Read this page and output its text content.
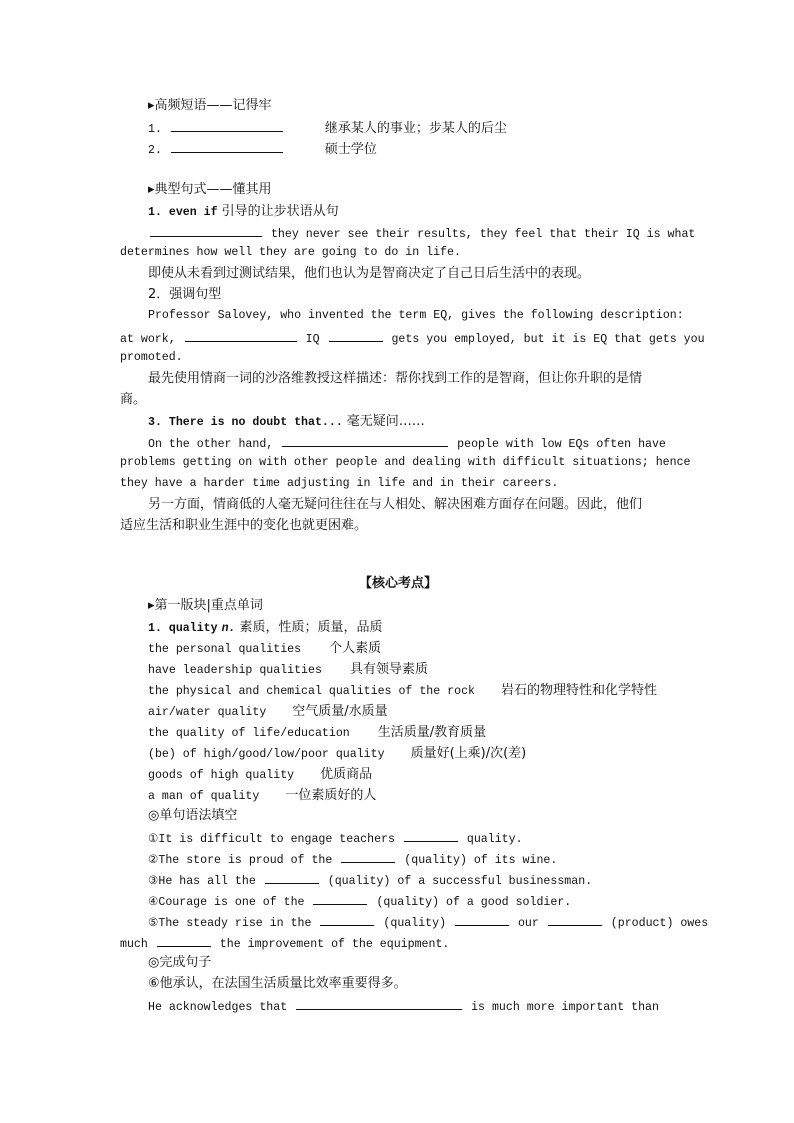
▸高频短语——记得牢
1.	继承某人的事业；步某人的后尘
2.	硕士学位
▸典型句式——懂其用
1. even if 引导的让步状语从句
they never see their results, they feel that their IQ is what
determines how well they are going to do in life.
即使从未看到过测试结果，他们也认为是智商决定了自己日后生活中的表现。
2．强调句型
Professor Salovey, who invented the term EQ, gives the following description:
at work,	IQ	gets you employed, but it is EQ that gets you
promoted.
最先使用情商一词的沙洛维教授这样描述：帮你找到工作的是智商，但让你升职的是情
商。
3. There is no doubt that... 毫无疑问……
On the other hand,	people with low EQs often have
problems getting on with other people and dealing with difficult situations; hence
they have a harder time adjusting in life and in their careers.
另一方面，情商低的人毫无疑问往往在与人相处、解决困难方面存在问题。因此，他们
适应生活和职业生涯中的变化也就更困难。
【核心考点】
▸第一版块|重点单词
1. quality n. 素质，性质；质量，品质
the personal qualities 个人素质
have leadership qualities 具有领导素质
the physical and chemical qualities of the rock 岩石的物理特性和化学特性
air/water quality 空气质量/水质量
the quality of life/education 生活质量/教育质量
(be) of high/good/low/poor quality 质量好(上乘)/次(差)
goods of high quality 优质商品
a man of quality 一位素质好的人
◎单句语法填空
①It is difficult to engage teachers	quality.
②The store is proud of the	(quality) of its wine.
③He has all the	(quality) of a successful businessman.
④Courage is one of the	(quality) of a good soldier.
⑤The steady rise in the	(quality)	our	(product) owes
much	the improvement of the equipment.
◎完成句子
⑥他承认，在法国生活质量比效率重要得多。
He acknowledges that	is much more important than
